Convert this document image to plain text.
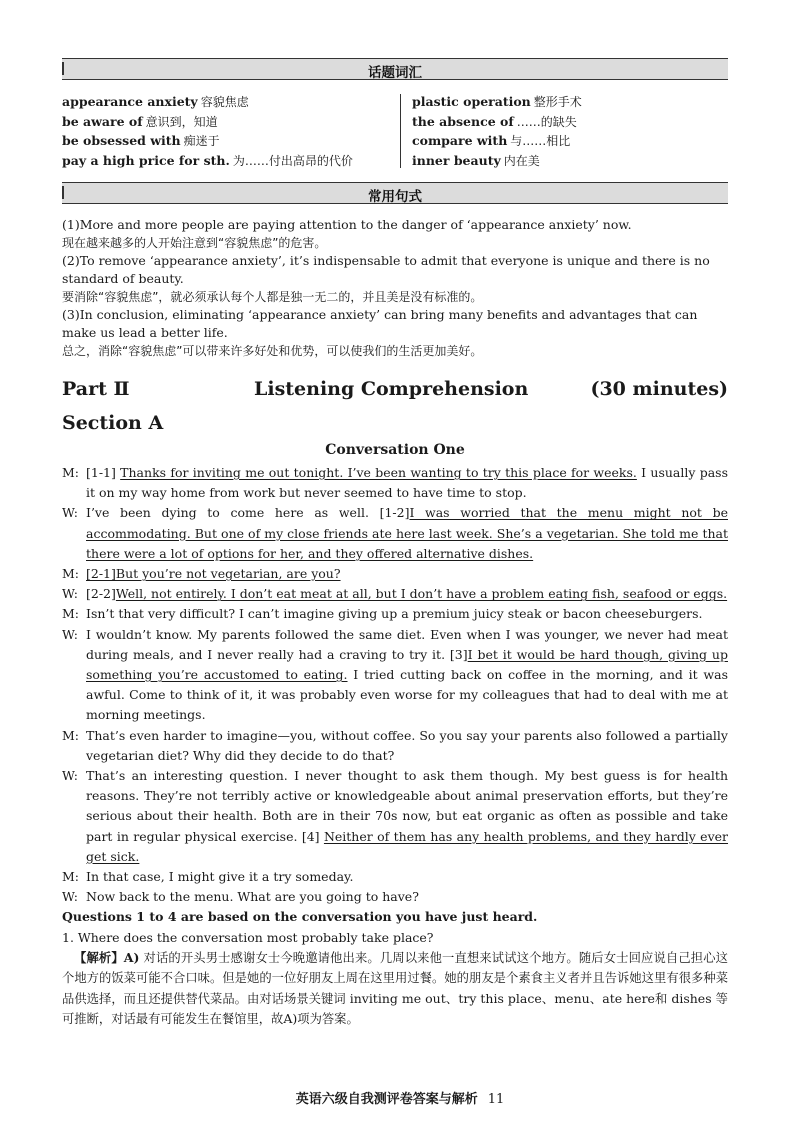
话题词汇
appearance anxiety 容貌焦虑
be aware of 意识到，知道
be obsessed with 痴迷于
pay a high price for sth. 为……付出高昂的代价
plastic operation 整形手术
the absence of ……的缺失
compare with 与……相比
inner beauty 内在美
常用句式

(1)More and more people are paying attention to the danger of ‘appearance anxiety’ now.

现在越来越多的人开始注意到“容貌焦虑”的危害。

(2)To remove ‘appearance anxiety’, it’s indispensable to admit that everyone is unique and there is no standard of beauty.

要消除“容貌焦虑”，就必须承认每个人都是独一无二的，并且美是没有标准的。

(3)In conclusion, eliminating ‘appearance anxiety’ can bring many benefits and advantages that can make us lead a better life.

总之，消除“容貌焦虑”可以带来许多好处和优势，可以使我们的生活更加美好。

Part Ⅱ	Listening Comprehension	(30 minutes)
Section A
Conversation One
M: [1-1] Thanks for inviting me out tonight. I’ve been wanting to try this place for weeks. I usually pass it on my way home from work but never seemed to have time to stop.
W: I’ve been dying to come here as well. [1-2]I was worried that the menu might not be accommodating. But one of my close friends ate here last week. She’s a vegetarian. She told me that there were a lot of options for her, and they offered alternative dishes.
M: [2-1]But you’re not vegetarian, are you?
W: [2-2]Well, not entirely. I don’t eat meat at all, but I don’t have a problem eating fish, seafood or eggs.
M: Isn’t that very difficult? I can’t imagine giving up a premium juicy steak or bacon cheeseburgers.
W: I wouldn’t know. My parents followed the same diet. Even when I was younger, we never had meat during meals, and I never really had a craving to try it. [3]I bet it would be hard though, giving up something you’re accustomed to eating. I tried cutting back on coffee in the morning, and it was awful. Come to think of it, it was probably even worse for my colleagues that had to deal with me at morning meetings.
M: That’s even harder to imagine—you, without coffee. So you say your parents also followed a partially vegetarian diet? Why did they decide to do that?
W: That’s an interesting question. I never thought to ask them though. My best guess is for health reasons. They’re not terribly active or knowledgeable about animal preservation efforts, but they’re serious about their health. Both are in their 70s now, but eat organic as often as possible and take part in regular physical exercise. [4] Neither of them has any health problems, and they hardly ever get sick.
M: In that case, I might give it a try someday.
W: Now back to the menu. What are you going to have?
Questions 1 to 4 are based on the conversation you have just heard.
1. Where does the conversation most probably take place?
【解析】A) 对话的开头男士感谢女士今晚邀请他出来。几周以来他一直想来试试这个地方。随后女士回应说自己担心这个地方的饭菜可能不合口味。但是她的一位好朋友上周在这里用过餐。她的朋友是个素食主义者并且告诉她这里有很多种菜品供选择，而且还提供替代菜品。由对话场景关键词 inviting me out、try this place、menu、ate here和 dishes 等可推断，对话最有可能发生在餐馆里，故A)项为答案。
英语六级自我测评卷答案与解析 11
